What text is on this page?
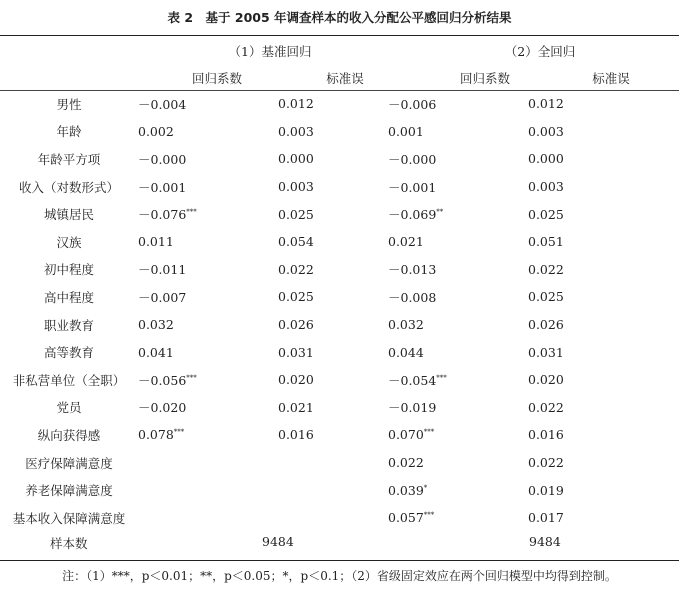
表 2　基于 2005 年调查样本的收入分配公平感回归分析结果
（1）基准回归	（2）全回归
回归系数	标准误	回归系数	标准误
男性	－0.004	0.012	－0.006	0.012
年龄	0.002	0.003	0.001	0.003
年龄平方项	－0.000	0.000	－0.000	0.000
收入（对数形式）	－0.001	0.003	－0.001	0.003
城镇居民	－0.076***	0.025	－0.069**	0.025
汉族	0.011	0.054	0.021	0.051
初中程度	－0.011	0.022	－0.013	0.022
高中程度	－0.007	0.025	－0.008	0.025
职业教育	0.032	0.026	0.032	0.026
高等教育	0.041	0.031	0.044	0.031
非私营单位（全职）	－0.056***	0.020	－0.054***	0.020
党员	－0.020	0.021	－0.019	0.022
纵向获得感	0.078***	0.016	0.070***	0.016
医疗保障满意度			0.022	0.022
养老保障满意度			0.039*	0.019
基本收入保障满意度			0.057***	0.017
样本数	9484	9484
注：（1）***，p＜0.01；**，p＜0.05；*，p＜0.1；（2）省级固定效应在两个回归模型中均得到控制。
